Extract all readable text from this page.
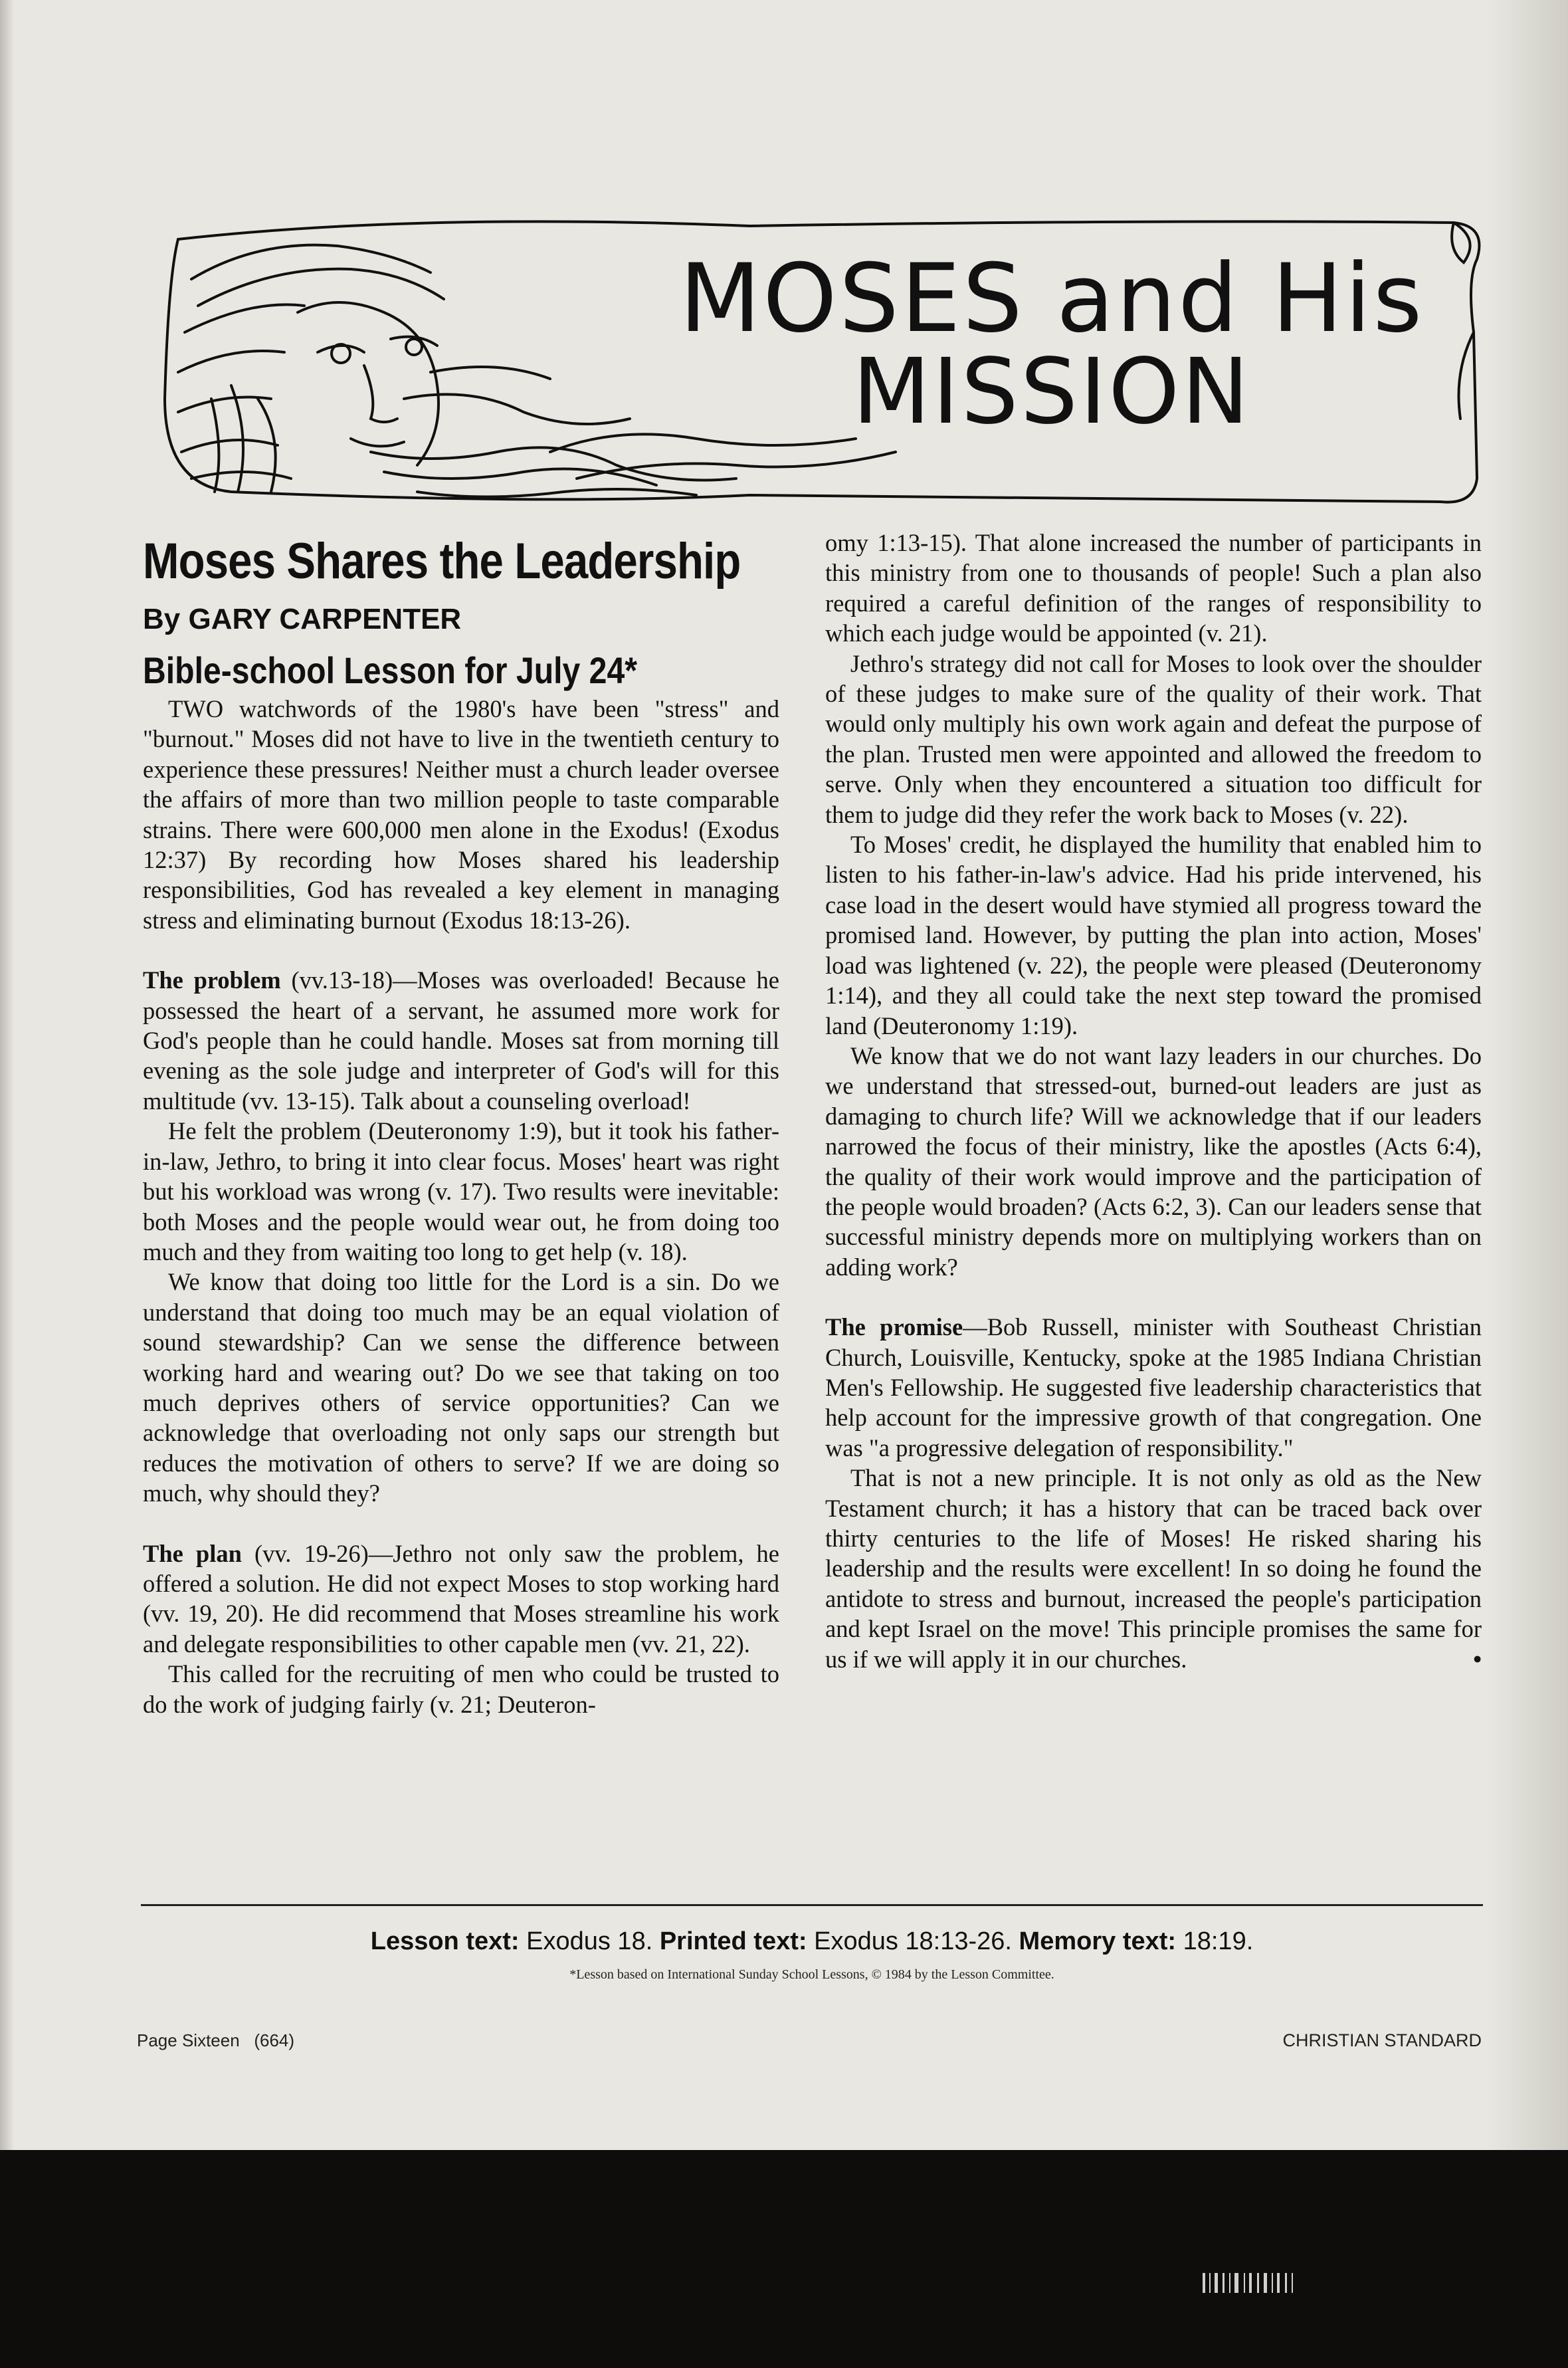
MOSES and His
MISSION
Moses Shares the Leadership
By GARY CARPENTER
Bible-school Lesson for July 24*

TWO watchwords of the 1980's have been "stress" and "burnout." Moses did not have to live in the twentieth century to experience these pressures! Neither must a church leader oversee the affairs of more than two million people to taste comparable strains. There were 600,000 men alone in the Exodus! (Exodus 12:37) By recording how Moses shared his leadership responsibilities, God has revealed a key element in managing stress and eliminating burnout (Exodus 18:13-26).

The problem (vv.13-18)—Moses was overloaded! Because he possessed the heart of a servant, he assumed more work for God's people than he could handle. Moses sat from morning till evening as the sole judge and interpreter of God's will for this multitude (vv. 13-15). Talk about a counseling overload!

He felt the problem (Deuteronomy 1:9), but it took his father-in-law, Jethro, to bring it into clear focus. Moses' heart was right but his workload was wrong (v. 17). Two results were inevitable: both Moses and the people would wear out, he from doing too much and they from waiting too long to get help (v. 18).

We know that doing too little for the Lord is a sin. Do we understand that doing too much may be an equal violation of sound stewardship? Can we sense the difference between working hard and wearing out? Do we see that taking on too much deprives others of service opportunities? Can we acknowledge that overloading not only saps our strength but reduces the motivation of others to serve? If we are doing so much, why should they?

The plan (vv. 19-26)—Jethro not only saw the problem, he offered a solution. He did not expect Moses to stop working hard (vv. 19, 20). He did recommend that Moses streamline his work and delegate responsibilities to other capable men (vv. 21, 22).

This called for the recruiting of men who could be trusted to do the work of judging fairly (v. 21; Deuteron-

omy 1:13-15). That alone increased the number of participants in this ministry from one to thousands of people! Such a plan also required a careful definition of the ranges of responsibility to which each judge would be appointed (v. 21).

Jethro's strategy did not call for Moses to look over the shoulder of these judges to make sure of the quality of their work. That would only multiply his own work again and defeat the purpose of the plan. Trusted men were appointed and allowed the freedom to serve. Only when they encountered a situation too difficult for them to judge did they refer the work back to Moses (v. 22).

To Moses' credit, he displayed the humility that enabled him to listen to his father-in-law's advice. Had his pride intervened, his case load in the desert would have stymied all progress toward the promised land. However, by putting the plan into action, Moses' load was lightened (v. 22), the people were pleased (Deuteronomy 1:14), and they all could take the next step toward the promised land (Deuteronomy 1:19).

We know that we do not want lazy leaders in our churches. Do we understand that stressed-out, burned-out leaders are just as damaging to church life? Will we acknowledge that if our leaders narrowed the focus of their ministry, like the apostles (Acts 6:4), the quality of their work would improve and the participation of the people would broaden? (Acts 6:2, 3). Can our leaders sense that successful ministry depends more on multiplying workers than on adding work?

The promise—Bob Russell, minister with Southeast Christian Church, Louisville, Kentucky, spoke at the 1985 Indiana Christian Men's Fellowship. He suggested five leadership characteristics that help account for the impressive growth of that congregation. One was "a progressive delegation of responsibility."

That is not a new principle. It is not only as old as the New Testament church; it has a history that can be traced back over thirty centuries to the life of Moses! He risked sharing his leadership and the results were excellent! In so doing he found the antidote to stress and burnout, increased the people's participation and kept Israel on the move! This principle promises the same for us if we will apply it in our churches.	•

Lesson text: Exodus 18. Printed text: Exodus 18:13-26. Memory text: 18:19.
*Lesson based on International Sunday School Lessons, © 1984 by the Lesson Committee.
Page Sixteen   (664)	CHRISTIAN STANDARD
